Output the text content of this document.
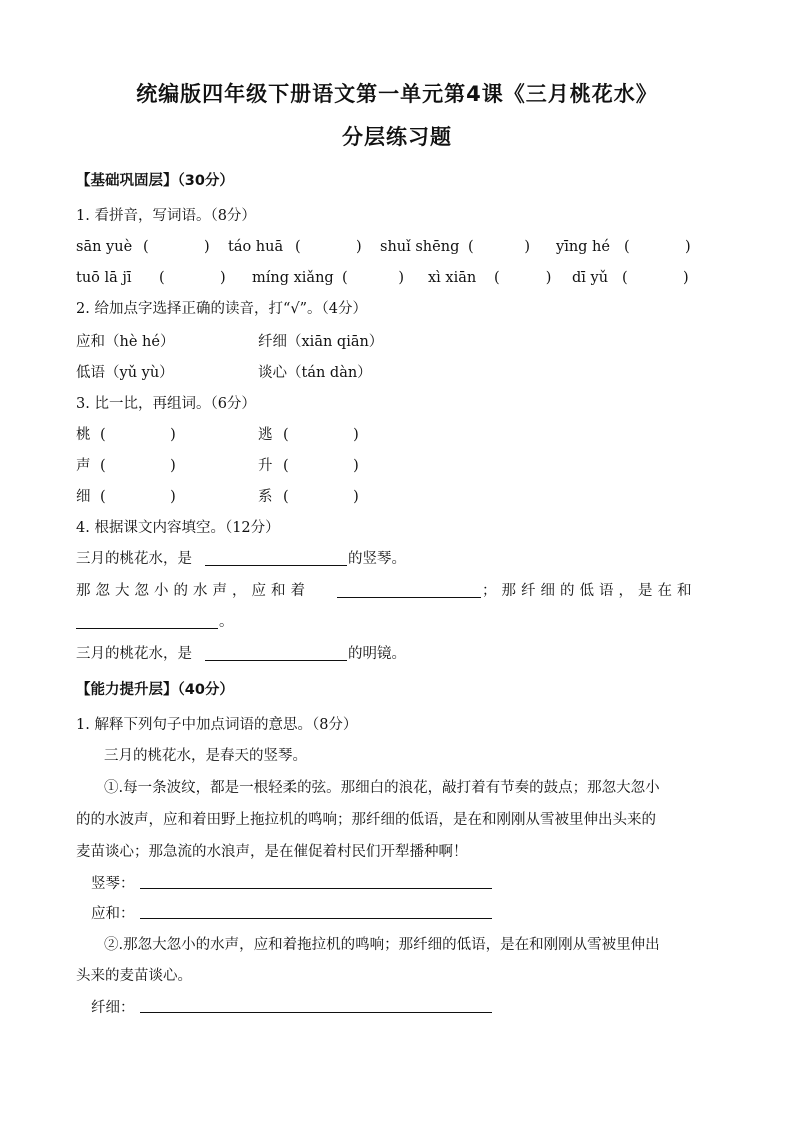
统编版四年级下册语文第一单元第4课《三月桃花水》
分层练习题
【基础巩固层】（30分）
1. 看拼音，写词语。（8分）
sān yuè (            ) táo huā (            ) shuǐ shēng (           ) yīng hé (            )
tuō lā jī (            ) míng xiǎng (           ) xì xiān (          ) dī yǔ (            )
2. 给加点字选择正确的读音，打“√”。（4分）
应和（hè hé）	纤细（xiān qiān）
低语（yǔ yù）	谈心（tán dàn）
3. 比一比，再组词。（6分）
桃 (              )	逃 (              )
声 (              )	升 (              )
细 (              )	系 (              )
4. 根据课文内容填空。（12分）
三月的桃花水，是	的竖琴。
那忽大忽小的水声，应和着	；那纤细的低语，是在和
。
三月的桃花水，是	的明镜。
【能力提升层】（40分）
1. 解释下列句子中加点词语的意思。（8分）
三月的桃花水，是春天的竖琴。
①.每一条波纹，都是一根轻柔的弦。那细白的浪花，敲打着有节奏的鼓点；那忽大忽小
的的水波声，应和着田野上拖拉机的鸣响；那纤细的低语，是在和刚刚从雪被里伸出头来的
麦苗谈心；那急流的水浪声，是在催促着村民们开犁播种啊！
竖琴：
应和：
②.那忽大忽小的水声，应和着拖拉机的鸣响；那纤细的低语，是在和刚刚从雪被里伸出
头来的麦苗谈心。
纤细：
